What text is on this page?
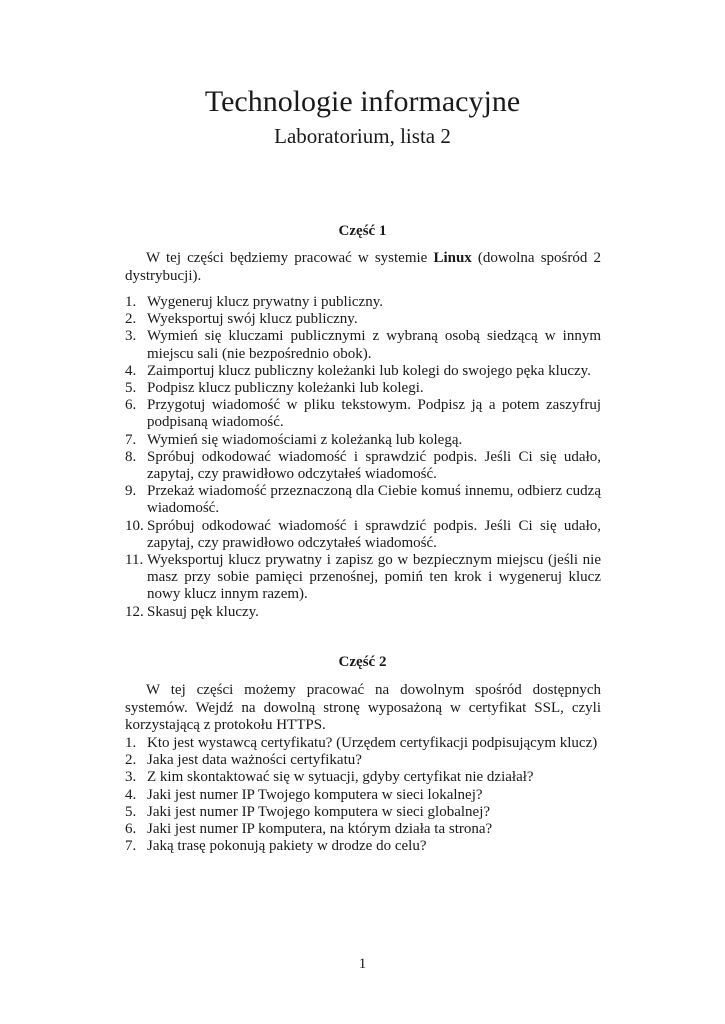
Technologie informacyjne
Laboratorium, lista 2
Część 1
W tej części będziemy pracować w systemie Linux (dowolna spośród 2 dystrybucji).
1. Wygeneruj klucz prywatny i publiczny.
2. Wyeksportuj swój klucz publiczny.
3. Wymień się kluczami publicznymi z wybraną osobą siedzącą w innym miejscu sali (nie bezpośrednio obok).
4. Zaimportuj klucz publiczny koleżanki lub kolegi do swojego pęka kluczy.
5. Podpisz klucz publiczny koleżanki lub kolegi.
6. Przygotuj wiadomość w pliku tekstowym. Podpisz ją a potem zaszyfruj podpisaną wiadomość.
7. Wymień się wiadomościami z koleżanką lub kolegą.
8. Spróbuj odkodować wiadomość i sprawdzić podpis. Jeśli Ci się udało, zapytaj, czy prawidłowo odczytałeś wiadomość.
9. Przekaż wiadomość przeznaczoną dla Ciebie komuś innemu, odbierz cudzą wiadomość.
10. Spróbuj odkodować wiadomość i sprawdzić podpis. Jeśli Ci się udało, zapytaj, czy prawidłowo odczytałeś wiadomość.
11. Wyeksportuj klucz prywatny i zapisz go w bezpiecznym miejscu (jeśli nie masz przy sobie pamięci przenośnej, pomiń ten krok i wygeneruj klucz nowy klucz innym razem).
12. Skasuj pęk kluczy.
Część 2
W tej części możemy pracować na dowolnym spośród dostępnych systemów. Wejdź na dowolną stronę wyposażoną w certyfikat SSL, czyli korzystającą z protokołu HTTPS.
1. Kto jest wystawcą certyfikatu? (Urzędem certyfikacji podpisującym klucz)
2. Jaka jest data ważności certyfikatu?
3. Z kim skontaktować się w sytuacji, gdyby certyfikat nie działał?
4. Jaki jest numer IP Twojego komputera w sieci lokalnej?
5. Jaki jest numer IP Twojego komputera w sieci globalnej?
6. Jaki jest numer IP komputera, na którym działa ta strona?
7. Jaką trasę pokonują pakiety w drodze do celu?
1
